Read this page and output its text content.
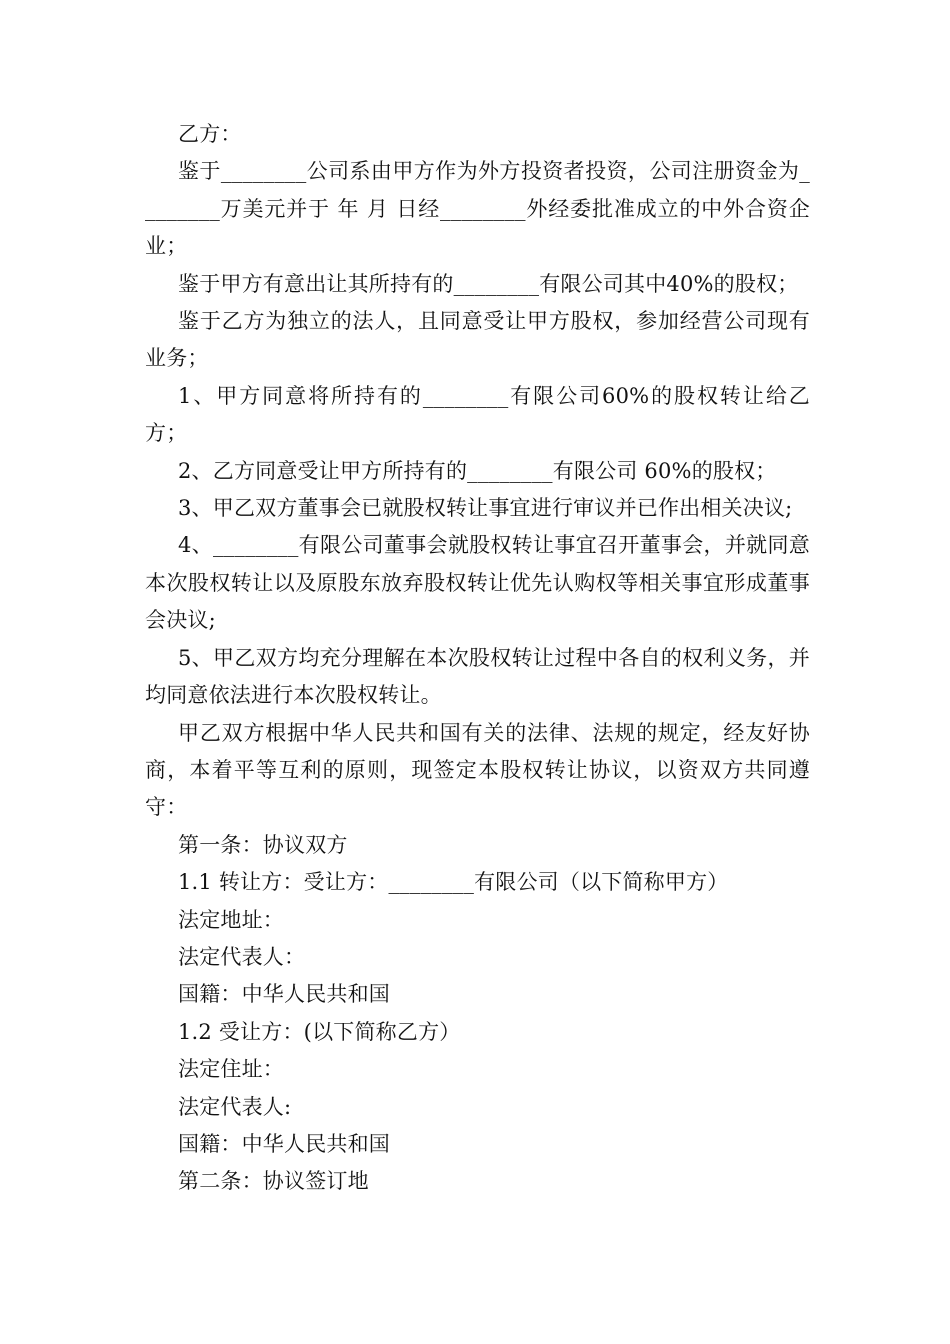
乙方：

鉴于________公司系由甲方作为外方投资者投资，公司注册资金为________万美元并于 年 月 日经________外经委批准成立的中外合资企业；

鉴于甲方有意出让其所持有的________有限公司其中40%的股权；

鉴于乙方为独立的法人，且同意受让甲方股权，参加经营公司现有业务；

1、甲方同意将所持有的________有限公司60%的股权转让给乙方；

2、乙方同意受让甲方所持有的________有限公司 60%的股权；

3、甲乙双方董事会已就股权转让事宜进行审议并已作出相关决议;

4、________有限公司董事会就股权转让事宜召开董事会，并就同意本次股权转让以及原股东放弃股权转让优先认购权等相关事宜形成董事会决议;

5、甲乙双方均充分理解在本次股权转让过程中各自的权利义务，并均同意依法进行本次股权转让。

甲乙双方根据中华人民共和国有关的法律、法规的规定，经友好协商，本着平等互利的原则，现签定本股权转让协议，以资双方共同遵守：

第一条：协议双方

1.1 转让方：受让方：________有限公司（以下简称甲方）

法定地址：

法定代表人：

国籍：中华人民共和国

1.2 受让方：(以下简称乙方）

法定住址：

法定代表人:

国籍：中华人民共和国

第二条：协议签订地
